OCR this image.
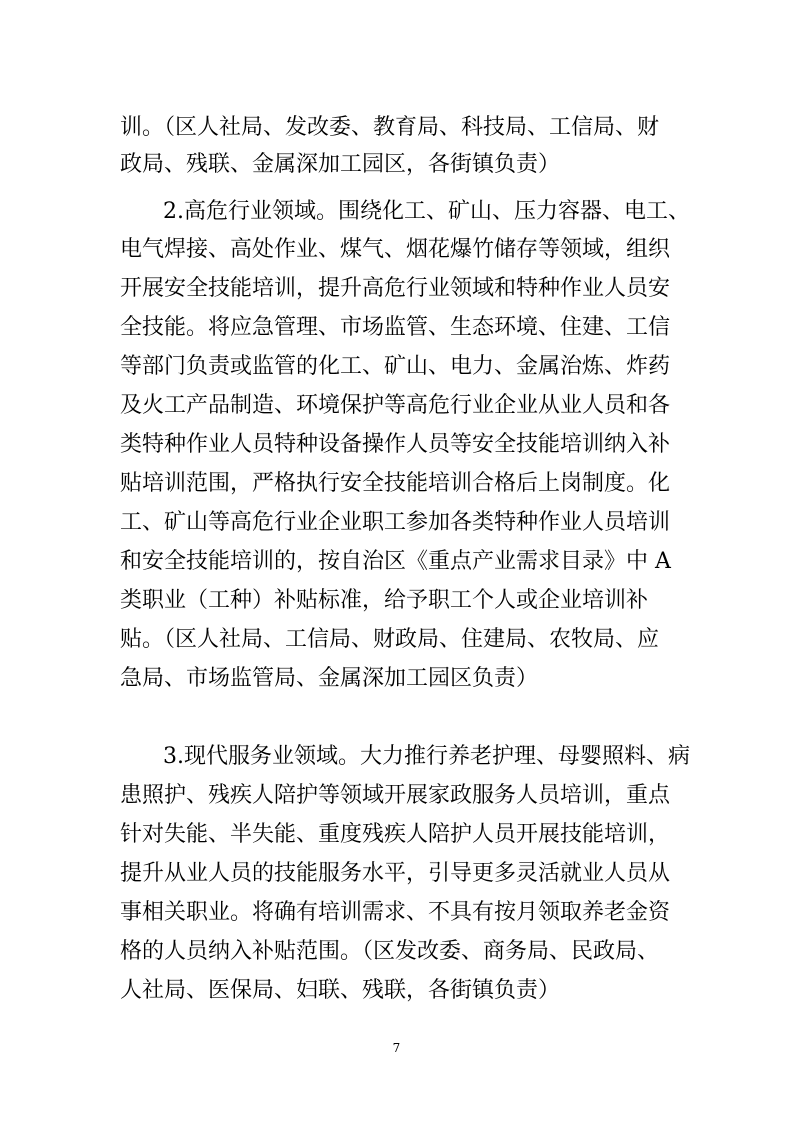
训。（区人社局、发改委、教育局、科技局、工信局、财
政局、残联、金属深加工园区，各街镇负责）
2.高危行业领域。围绕化工、矿山、压力容器、电工、
电气焊接、高处作业、煤气、烟花爆竹储存等领域，组织
开展安全技能培训，提升高危行业领域和特种作业人员安
全技能。将应急管理、市场监管、生态环境、住建、工信
等部门负责或监管的化工、矿山、电力、金属治炼、炸药
及火工产品制造、环境保护等高危行业企业从业人员和各
类特种作业人员特种设备操作人员等安全技能培训纳入补
贴培训范围，严格执行安全技能培训合格后上岗制度。化
工、矿山等高危行业企业职工参加各类特种作业人员培训
和安全技能培训的，按自治区《重点产业需求目录》中 A
类职业（工种）补贴标准，给予职工个人或企业培训补
贴。（区人社局、工信局、财政局、住建局、农牧局、应
急局、市场监管局、金属深加工园区负责）
3.现代服务业领域。大力推行养老护理、母婴照料、病
患照护、残疾人陪护等领域开展家政服务人员培训，重点
针对失能、半失能、重度残疾人陪护人员开展技能培训，
提升从业人员的技能服务水平，引导更多灵活就业人员从
事相关职业。将确有培训需求、不具有按月领取养老金资
格的人员纳入补贴范围。（区发改委、商务局、民政局、
人社局、医保局、妇联、残联，各街镇负责）
7
